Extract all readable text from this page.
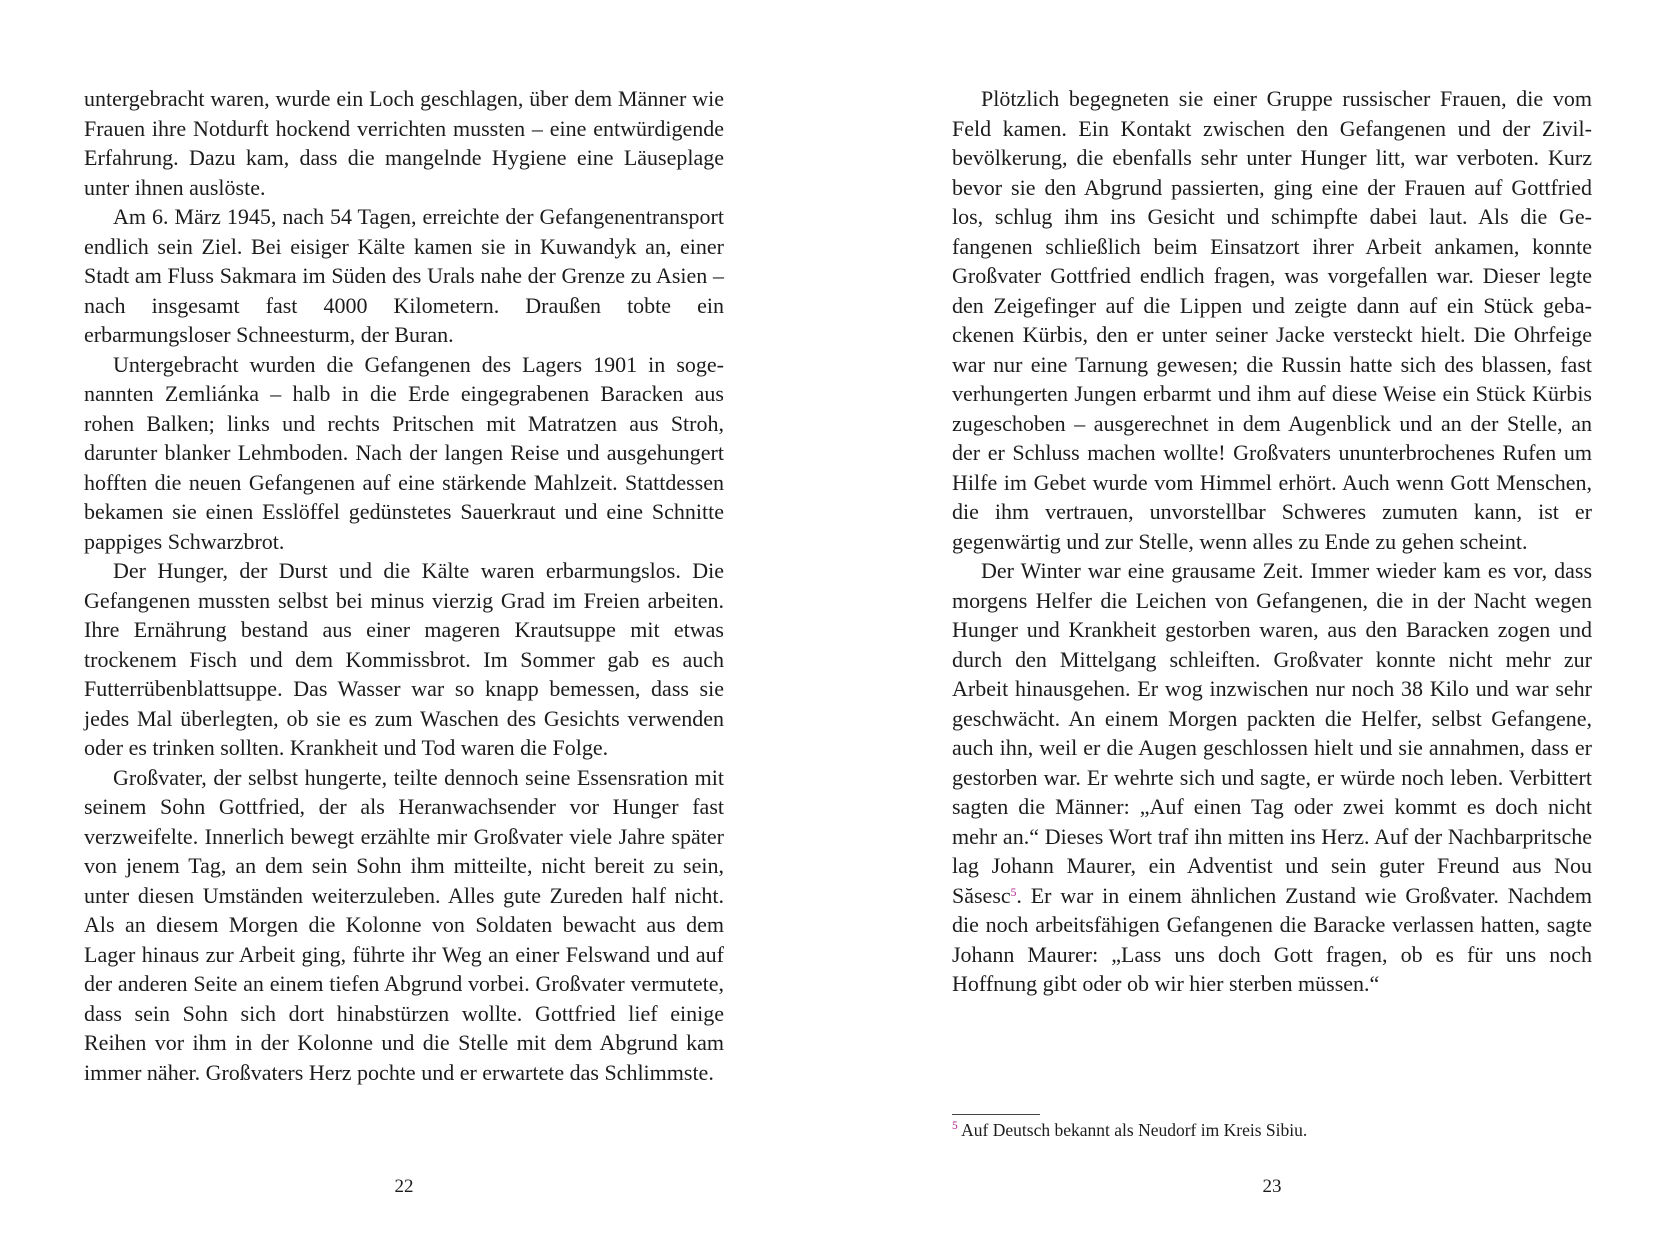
untergebracht waren, wurde ein Loch geschlagen, über dem Männer wie Frauen ihre Notdurft hockend verrichten mussten – eine entwürdigende Erfahrung. Dazu kam, dass die mangelnde Hygiene eine Läuseplage unter ihnen auslöste.

Am 6. März 1945, nach 54 Tagen, erreichte der Gefangenentransport endlich sein Ziel. Bei eisiger Kälte kamen sie in Kuwandyk an, einer Stadt am Fluss Sakmara im Süden des Urals nahe der Grenze zu Asien – nach insgesamt fast 4000 Kilometern. Draußen tobte ein erbarmungsloser Schneesturm, der Buran.

Untergebracht wurden die Gefangenen des Lagers 1901 in sogenannten Zemliánka – halb in die Erde eingegrabenen Baracken aus rohen Balken; links und rechts Pritschen mit Matratzen aus Stroh, darunter blanker Lehmboden. Nach der langen Reise und ausgehungert hofften die neuen Gefangenen auf eine stärkende Mahlzeit. Stattdessen bekamen sie einen Esslöffel gedünstetes Sauerkraut und eine Schnitte pappiges Schwarzbrot.

Der Hunger, der Durst und die Kälte waren erbarmungslos. Die Gefangenen mussten selbst bei minus vierzig Grad im Freien arbeiten. Ihre Ernährung bestand aus einer mageren Krautsuppe mit etwas trockenem Fisch und dem Kommissbrot. Im Sommer gab es auch Futterrübenblattsuppe. Das Wasser war so knapp bemessen, dass sie jedes Mal überlegten, ob sie es zum Waschen des Gesichts verwenden oder es trinken sollten. Krankheit und Tod waren die Folge.

Großvater, der selbst hungerte, teilte dennoch seine Essensration mit seinem Sohn Gottfried, der als Heranwachsender vor Hunger fast verzweifelte. Innerlich bewegt erzählte mir Großvater viele Jahre später von jenem Tag, an dem sein Sohn ihm mitteilte, nicht bereit zu sein, unter diesen Umständen weiterzuleben. Alles gute Zureden half nicht. Als an diesem Morgen die Kolonne von Soldaten bewacht aus dem Lager hinaus zur Arbeit ging, führte ihr Weg an einer Felswand und auf der anderen Seite an einem tiefen Abgrund vorbei. Großvater vermutete, dass sein Sohn sich dort hinabstürzen wollte. Gottfried lief einige Reihen vor ihm in der Kolonne und die Stelle mit dem Abgrund kam immer näher. Großvaters Herz pochte und er erwartete das Schlimmste.

22

Plötzlich begegneten sie einer Gruppe russischer Frauen, die vom Feld kamen. Ein Kontakt zwischen den Gefangenen und der Zivilbevölkerung, die ebenfalls sehr unter Hunger litt, war verboten. Kurz bevor sie den Abgrund passierten, ging eine der Frauen auf Gottfried los, schlug ihm ins Gesicht und schimpfte dabei laut. Als die Gefangenen schließlich beim Einsatzort ihrer Arbeit ankamen, konnte Großvater Gottfried endlich fragen, was vorgefallen war. Dieser legte den Zeigefinger auf die Lippen und zeigte dann auf ein Stück gebackenen Kürbis, den er unter seiner Jacke versteckt hielt. Die Ohrfeige war nur eine Tarnung gewesen; die Russin hatte sich des blassen, fast verhungerten Jungen erbarmt und ihm auf diese Weise ein Stück Kürbis zugeschoben – ausgerechnet in dem Augenblick und an der Stelle, an der er Schluss machen wollte! Großvaters ununterbrochenes Rufen um Hilfe im Gebet wurde vom Himmel erhört. Auch wenn Gott Menschen, die ihm vertrauen, unvorstellbar Schweres zumuten kann, ist er gegenwärtig und zur Stelle, wenn alles zu Ende zu gehen scheint.

Der Winter war eine grausame Zeit. Immer wieder kam es vor, dass morgens Helfer die Leichen von Gefangenen, die in der Nacht wegen Hunger und Krankheit gestorben waren, aus den Baracken zogen und durch den Mittelgang schleiften. Großvater konnte nicht mehr zur Arbeit hinausgehen. Er wog inzwischen nur noch 38 Kilo und war sehr geschwächt. An einem Morgen packten die Helfer, selbst Gefangene, auch ihn, weil er die Augen geschlossen hielt und sie annahmen, dass er gestorben war. Er wehrte sich und sagte, er würde noch leben. Verbittert sagten die Männer: „Auf einen Tag oder zwei kommt es doch nicht mehr an.“ Dieses Wort traf ihn mitten ins Herz. Auf der Nachbarpritsche lag Johann Maurer, ein Adventist und sein guter Freund aus Nou Săsesc$^5$. Er war in einem ähnlichen Zustand wie Großvater. Nachdem die noch arbeitsfähigen Gefangenen die Baracke verlassen hatten, sagte Johann Maurer: „Lass uns doch Gott fragen, ob es für uns noch Hoffnung gibt oder ob wir hier sterben müssen.“

$^5$ Auf Deutsch bekannt als Neudorf im Kreis Sibiu.

23
